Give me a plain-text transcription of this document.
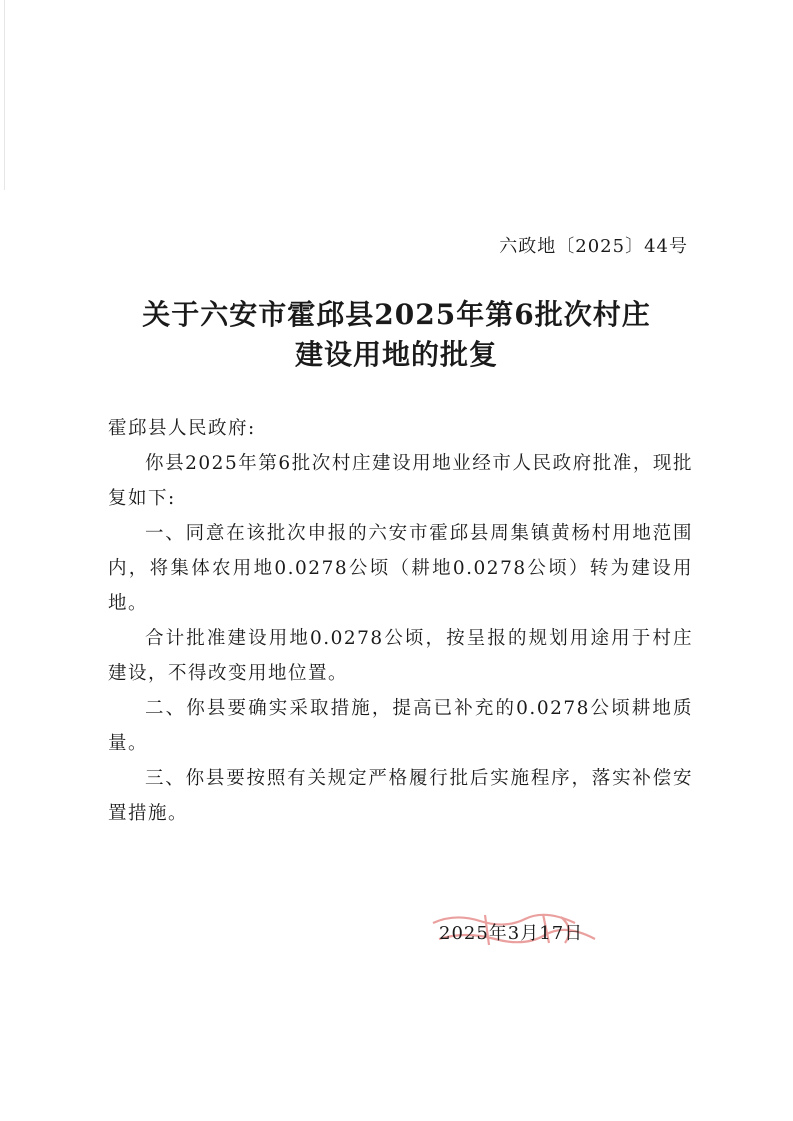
六政地〔2025〕44号
关于六安市霍邱县2025年第6批次村庄
建设用地的批复

霍邱县人民政府:

你县2025年第6批次村庄建设用地业经市人民政府批准，现批复如下:

一、同意在该批次申报的六安市霍邱县周集镇黄杨村用地范围内，将集体农用地0.0278公顷（耕地0.0278公顷）转为建设用地。

合计批准建设用地0.0278公顷，按呈报的规划用途用于村庄建设，不得改变用地位置。

二、你县要确实采取措施，提高已补充的0.0278公顷耕地质量。

三、你县要按照有关规定严格履行批后实施程序，落实补偿安置措施。

2025年3月17日
